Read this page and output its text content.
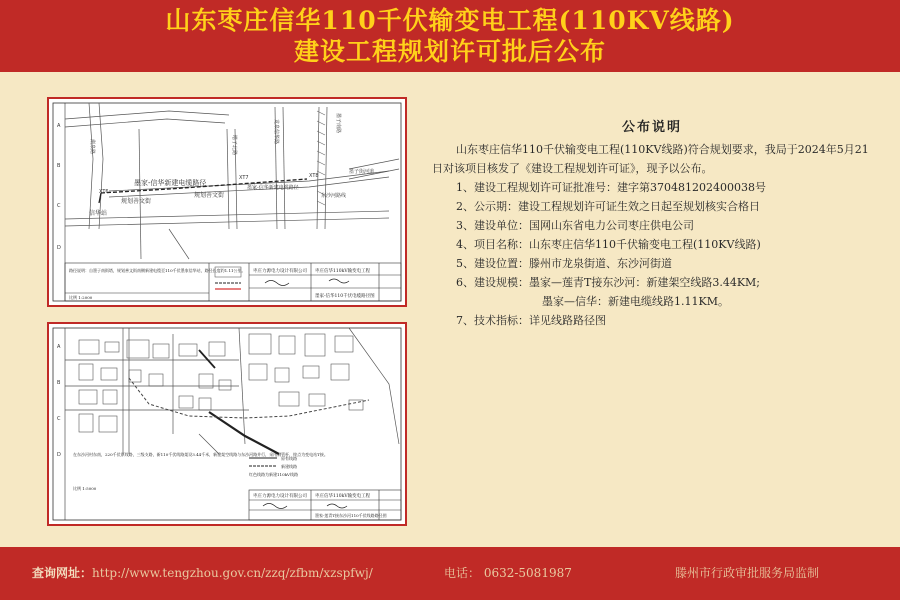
山东枣庄信华110千伏输变电工程(110KV线路)
建设工程规划许可批后公布
A
B
C
D
墨家-信华新建电缆路径
规划善文街
规划善文街
信华站
XT6
XT7	XT8
墨家-信华新建电缆路径
墨子街河道
东沙河路线
塔子北路
龙泉信华路	墨子南路
荆泉路
路径说明：自墨子南街塔，规划善文街南侧新建电缆至110千伏墨家信华站，路径长度约1.11公里。
比例 1:2000
枣庄力源电力设计有限公司 枣庄信华110kV输变电工程
墨家-信华110千伏电缆路径图
A
B
C
D	在东沙河村东南，220千伏原线路，三级支路，新110千伏线路架设3.44千米，新建架空线路与东沙河路并行，采用钢管杆，终点为变电站T接。
原有线路
新建线路
红色线路为新建110kV线路
比例 1:5000
枣庄力源电力设计有限公司 枣庄信华110kV输变电工程
墨家-莲青T接东沙河110千伏线路路径图
公布说明

山东枣庄信华110千伏输变电工程(110KV线路)符合规划要求，我局于2024年5月21日对该项目核发了《建设工程规划许可证》，现予以公布。

1、建设工程规划许可证批准号：建字第370481202400038号

2、公示期：建设工程规划许可证生效之日起至规划核实合格日

3、建设单位：国网山东省电力公司枣庄供电公司

4、项目名称：山东枣庄信华110千伏输变电工程(110KV线路)

5、建设位置：滕州市龙泉街道、东沙河街道

6、建设规模：墨家—莲青T接东沙河：新建架空线路3.44KM;

墨家—信华：新建电缆线路1.11KM。

7、技术指标：详见线路路径图

查询网址：http://www.tengzhou.gov.cn/zzq/zfbm/xzspfwj/	电话： 0632-5081987	滕州市行政审批服务局监制
